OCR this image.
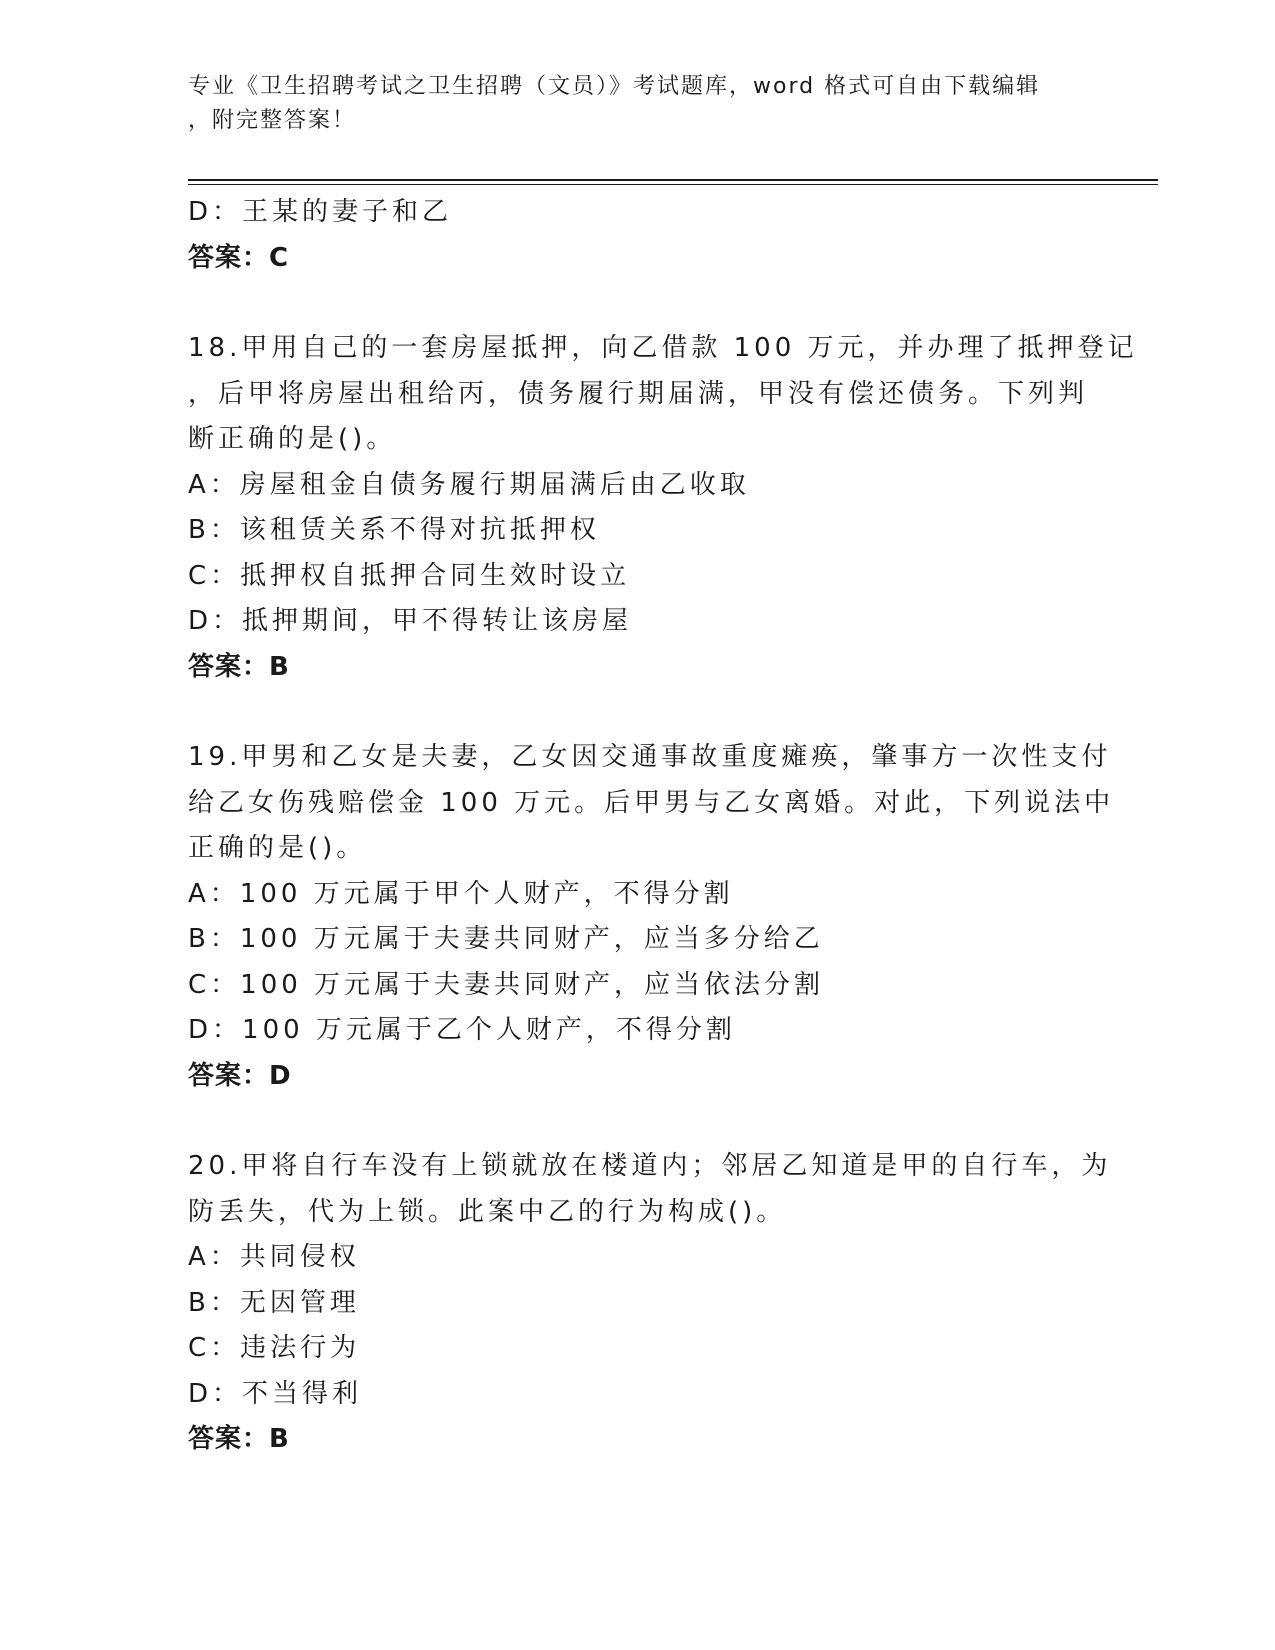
专业《卫生招聘考试之卫生招聘（文员）》考试题库，word 格式可自由下载编辑
，附完整答案！
D：王某的妻子和乙
答案：C
18.甲用自己的一套房屋抵押，向乙借款 100 万元，并办理了抵押登记
，后甲将房屋出租给丙，债务履行期届满，甲没有偿还债务。下列判
断正确的是()。
A：房屋租金自债务履行期届满后由乙收取
B：该租赁关系不得对抗抵押权
C：抵押权自抵押合同生效时设立
D：抵押期间，甲不得转让该房屋
答案：B
19.甲男和乙女是夫妻，乙女因交通事故重度瘫痪，肇事方一次性支付
给乙女伤残赔偿金 100 万元。后甲男与乙女离婚。对此，下列说法中
正确的是()。
A：100 万元属于甲个人财产，不得分割
B：100 万元属于夫妻共同财产，应当多分给乙
C：100 万元属于夫妻共同财产，应当依法分割
D：100 万元属于乙个人财产，不得分割
答案：D
20.甲将自行车没有上锁就放在楼道内；邻居乙知道是甲的自行车，为
防丢失，代为上锁。此案中乙的行为构成()。
A：共同侵权
B：无因管理
C：违法行为
D：不当得利
答案：B
